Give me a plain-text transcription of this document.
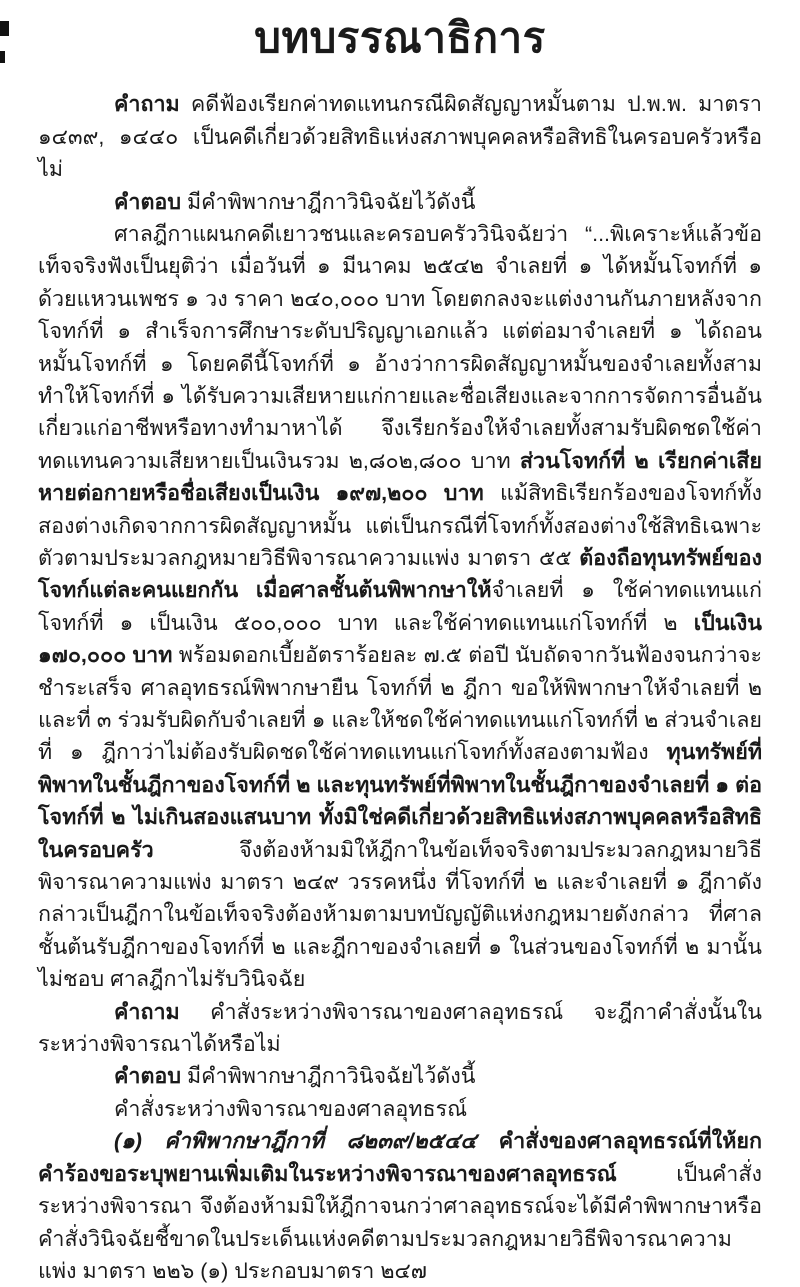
บทบรรณาธิการ

คำถาม คดีฟ้องเรียกค่าทดแทนกรณีผิดสัญญาหมั้นตาม ป.พ.พ. มาตรา ๑๔๓๙, ๑๔๔๐ เป็นคดีเกี่ยวด้วยสิทธิแห่งสภาพบุคคลหรือสิทธิในครอบครัวหรือไม่

คำตอบ มีคำพิพากษาฎีกาวินิจฉัยไว้ดังนี้

ศาลฎีกาแผนกคดีเยาวชนและครอบครัววินิจฉัยว่า “...พิเคราะห์แล้วข้อเท็จจริงฟังเป็นยุติว่า เมื่อวันที่ ๑ มีนาคม ๒๕๔๒ จำเลยที่ ๑ ได้หมั้นโจทก์ที่ ๑ ด้วยแหวนเพชร ๑ วง ราคา ๒๔๐,๐๐๐ บาท โดยตกลงจะแต่งงานกันภายหลังจากโจทก์ที่ ๑ สำเร็จการศึกษาระดับปริญญาเอกแล้ว แต่ต่อมาจำเลยที่ ๑ ได้ถอนหมั้นโจทก์ที่ ๑ โดยคดีนี้โจทก์ที่ ๑ อ้างว่าการผิดสัญญาหมั้นของจำเลยทั้งสามทำให้โจทก์ที่ ๑ ได้รับความเสียหายแก่กายและชื่อเสียงและจากการจัดการอื่นอันเกี่ยวแก่อาชีพหรือทางทำมาหาได้ จึงเรียกร้องให้จำเลยทั้งสามรับผิดชดใช้ค่าทดแทนความเสียหายเป็นเงินรวม ๒,๘๐๒,๘๐๐ บาท ส่วนโจทก์ที่ ๒ เรียกค่าเสียหายต่อกายหรือชื่อเสียงเป็นเงิน ๑๙๗,๒๐๐ บาท แม้สิทธิเรียกร้องของโจทก์ทั้งสองต่างเกิดจากการผิดสัญญาหมั้น แต่เป็นกรณีที่โจทก์ทั้งสองต่างใช้สิทธิเฉพาะตัวตามประมวลกฎหมายวิธีพิจารณาความแพ่ง มาตรา ๕๕ ต้องถือทุนทรัพย์ของโจทก์แต่ละคนแยกกัน เมื่อศาลชั้นต้นพิพากษาให้จำเลยที่ ๑ ใช้ค่าทดแทนแก่โจทก์ที่ ๑ เป็นเงิน ๕๐๐,๐๐๐ บาท และใช้ค่าทดแทนแก่โจทก์ที่ ๒ เป็นเงิน ๑๗๐,๐๐๐ บาท พร้อมดอกเบี้ยอัตราร้อยละ ๗.๕ ต่อปี นับถัดจากวันฟ้องจนกว่าจะชำระเสร็จ ศาลอุทธรณ์พิพากษายืน โจทก์ที่ ๒ ฎีกา ขอให้พิพากษาให้จำเลยที่ ๒ และที่ ๓ ร่วมรับผิดกับจำเลยที่ ๑ และให้ชดใช้ค่าทดแทนแก่โจทก์ที่ ๒ ส่วนจำเลยที่ ๑ ฎีกาว่าไม่ต้องรับผิดชดใช้ค่าทดแทนแก่โจทก์ทั้งสองตามฟ้อง ทุนทรัพย์ที่พิพาทในชั้นฎีกาของโจทก์ที่ ๒ และทุนทรัพย์ที่พิพาทในชั้นฎีกาของจำเลยที่ ๑ ต่อโจทก์ที่ ๒ ไม่เกินสองแสนบาท ทั้งมิใช่คดีเกี่ยวด้วยสิทธิแห่งสภาพบุคคลหรือสิทธิในครอบครัว จึงต้องห้ามมิให้ฎีกาในข้อเท็จจริงตามประมวลกฎหมายวิธีพิจารณาความแพ่ง มาตรา ๒๔๙ วรรคหนึ่ง ที่โจทก์ที่ ๒ และจำเลยที่ ๑ ฎีกาดังกล่าวเป็นฎีกาในข้อเท็จจริงต้องห้ามตามบทบัญญัติแห่งกฎหมายดังกล่าว ที่ศาลชั้นต้นรับฎีกาของโจทก์ที่ ๒ และฎีกาของจำเลยที่ ๑ ในส่วนของโจทก์ที่ ๒ มานั้นไม่ชอบ ศาลฎีกาไม่รับวินิจฉัย

คำถาม คำสั่งระหว่างพิจารณาของศาลอุทธรณ์ จะฎีกาคำสั่งนั้นในระหว่างพิจารณาได้หรือไม่

คำตอบ มีคำพิพากษาฎีกาวินิจฉัยไว้ดังนี้

คำสั่งระหว่างพิจารณาของศาลอุทธรณ์

(๑) คำพิพากษาฎีกาที่ ๘๒๓๙/๒๕๔๔ คำสั่งของศาลอุทธรณ์ที่ให้ยกคำร้องขอระบุพยานเพิ่มเติมในระหว่างพิจารณาของศาลอุทธรณ์ เป็นคำสั่งระหว่างพิจารณา จึงต้องห้ามมิให้ฎีกาจนกว่าศาลอุทธรณ์จะได้มีคำพิพากษาหรือคำสั่งวินิจฉัยชี้ขาดในประเด็นแห่งคดีตามประมวลกฎหมายวิธีพิจารณาความแพ่ง มาตรา ๒๒๖ (๑) ประกอบมาตรา ๒๔๗
